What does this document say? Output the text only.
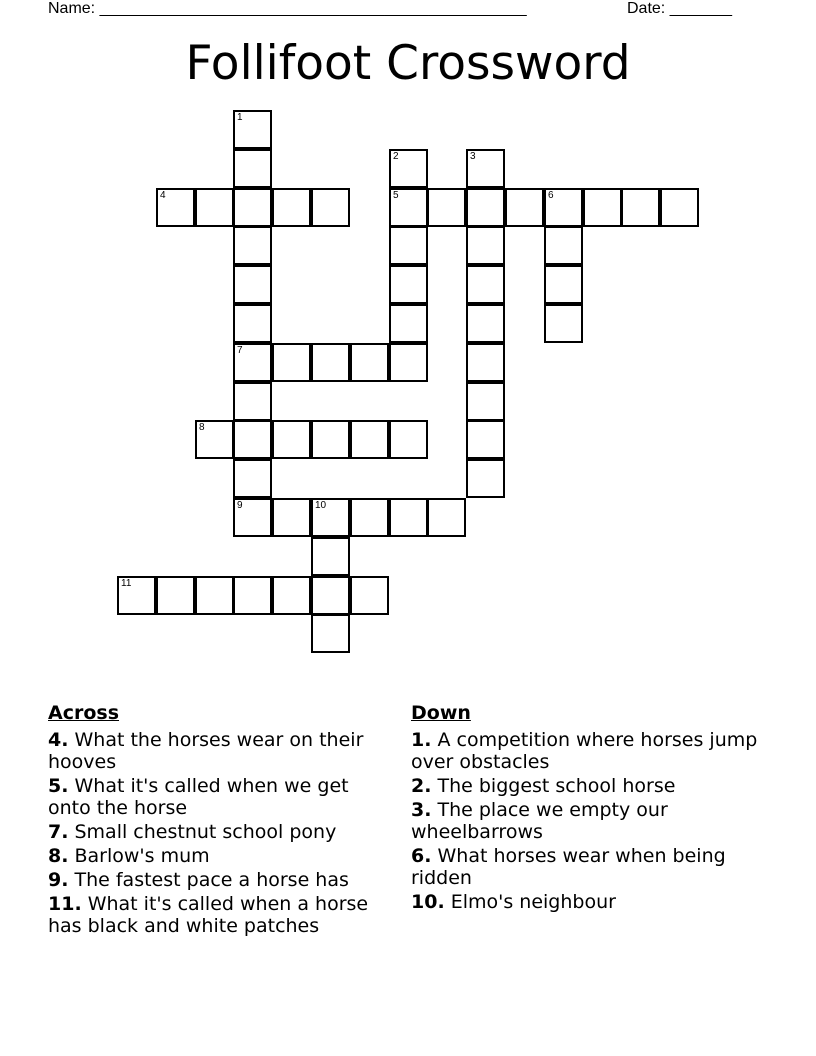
Name: ________________________________________________	Date: _______
Follifoot Crossword
1
7
2
5
3
4	6
8
9	10
11
Across
4. What the horses wear on their hooves
5. What it's called when we get onto the horse
7. Small chestnut school pony
8. Barlow's mum
9. The fastest pace a horse has
11. What it's called when a horse has black and white patches
Down
1. A competition where horses jump over obstacles
2. The biggest school horse
3. The place we empty our wheelbarrows
6. What horses wear when being ridden
10. Elmo's neighbour
